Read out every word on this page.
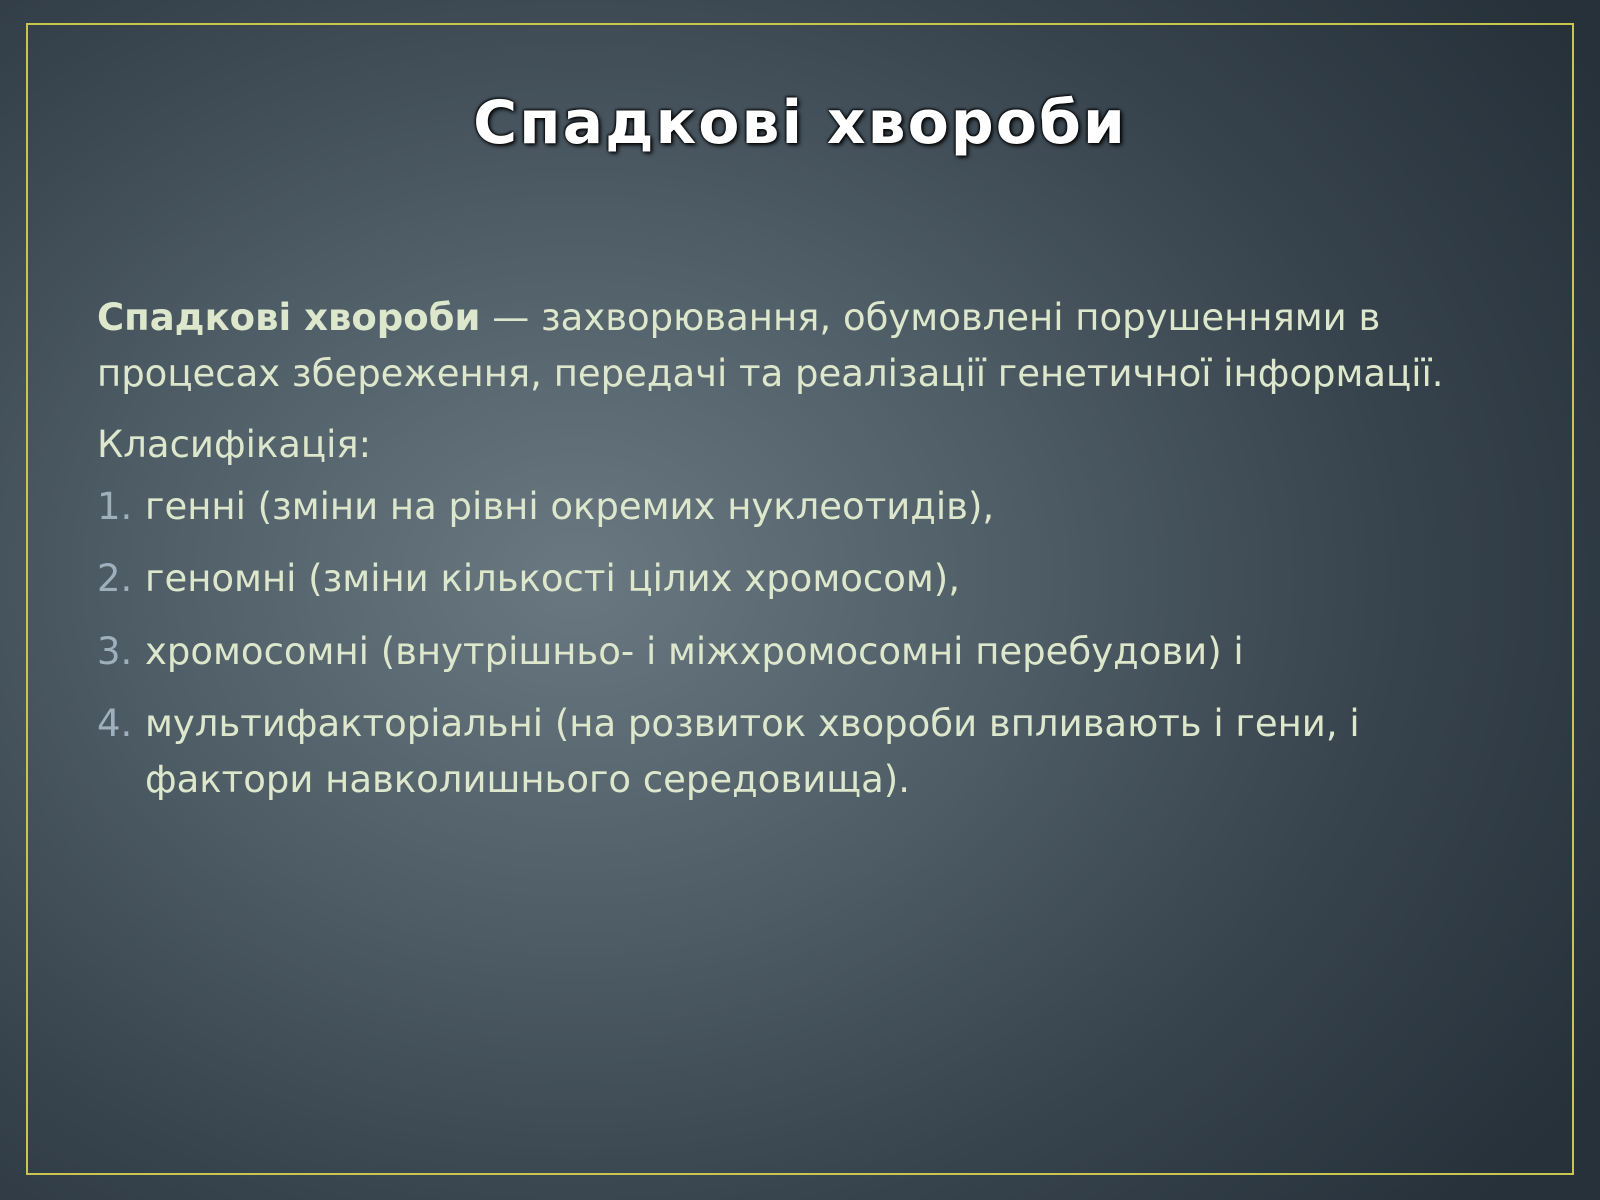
Спадкові хвороби

Спадкові хвороби — захворювання, обумовлені порушеннями в процесах збереження, передачі та реалізації генетичної інформації.

Класифікація:

1. генні (зміни на рівні окремих нуклеотидів),
2. геномні (зміни кількості цілих хромосом),
3. хромосомні (внутрішньо- і міжхромосомні перебудови) і
4. мультифакторіальні (на розвиток хвороби впливають і гени, і фактори навколишнього середовища).
